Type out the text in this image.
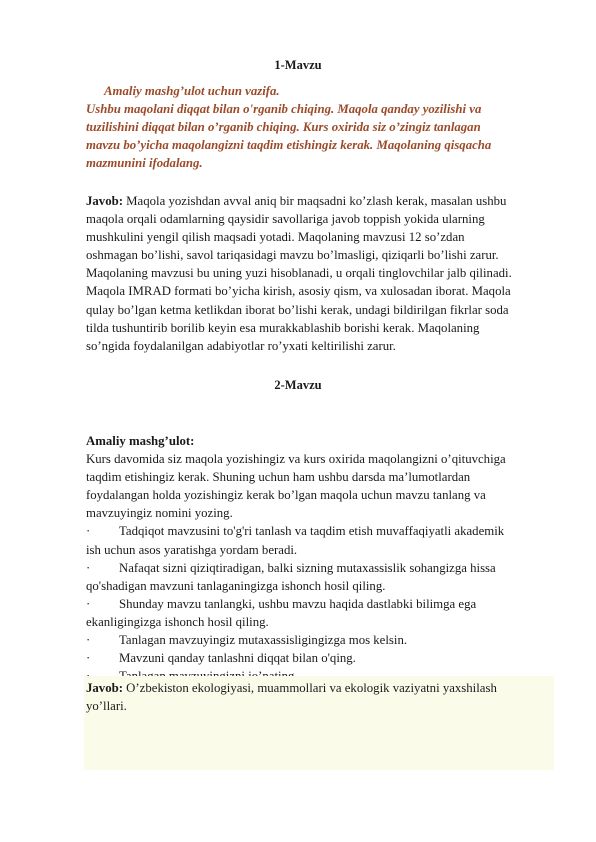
1-Mavzu
Amaliy mashg’ulot uchun vazifa.
Ushbu maqolani diqqat bilan o'rganib chiqing. Maqola qanday yozilishi va
tuzilishini diqqat bilan o’rganib chiqing. Kurs oxirida siz o’zingiz tanlagan
mavzu bo’yicha maqolangizni taqdim etishingiz kerak. Maqolaning qisqacha
mazmunini ifodalang.
Javob: Maqola yozishdan avval aniq bir maqsadni ko’zlash kerak, masalan ushbu
maqola orqali odamlarning qaysidir savollariga javob toppish yokida ularning
mushkulini yengil qilish maqsadi yotadi. Maqolaning mavzusi 12 so’zdan
oshmagan bo’lishi, savol tariqasidagi mavzu bo’lmasligi, qiziqarli bo’lishi zarur.
Maqolaning mavzusi bu uning yuzi hisoblanadi, u orqali tinglovchilar jalb qilinadi.
Maqola IMRAD formati bo’yicha kirish, asosiy qism, va xulosadan iborat. Maqola
qulay bo’lgan ketma ketlikdan iborat bo’lishi kerak, undagi bildirilgan fikrlar soda
tilda tushuntirib borilib keyin esa murakkablashib borishi kerak. Maqolaning
so’ngida foydalanilgan adabiyotlar ro’yxati keltirilishi zarur.
2-Mavzu
Amaliy mashg’ulot:
Kurs davomida siz maqola yozishingiz va kurs oxirida maqolangizni o’qituvchiga
taqdim etishingiz kerak. Shuning uchun ham ushbu darsda ma’lumotlardan
foydalangan holda yozishingiz kerak bo’lgan maqola uchun mavzu tanlang va
mavzuyingiz nomini yozing.
·	Tadqiqot mavzusini to'g'ri tanlash va taqdim etish muvaffaqiyatli akademik
ish uchun asos yaratishga yordam beradi.
·	Nafaqat sizni qiziqtiradigan, balki sizning mutaxassislik sohangizga hissa
qo'shadigan mavzuni tanlaganingizga ishonch hosil qiling.
·	Shunday mavzu tanlangki, ushbu mavzu haqida dastlabki bilimga ega
ekanligingizga ishonch hosil qiling.
·	Tanlagan mavzuyingiz mutaxassisligingizga mos kelsin.
·	Mavzuni qanday tanlashni diqqat bilan o'qing.
Javob: O’zbekiston ekologiyasi, muammollari va ekologik vaziyatni yaxshilash
yo’llari.
